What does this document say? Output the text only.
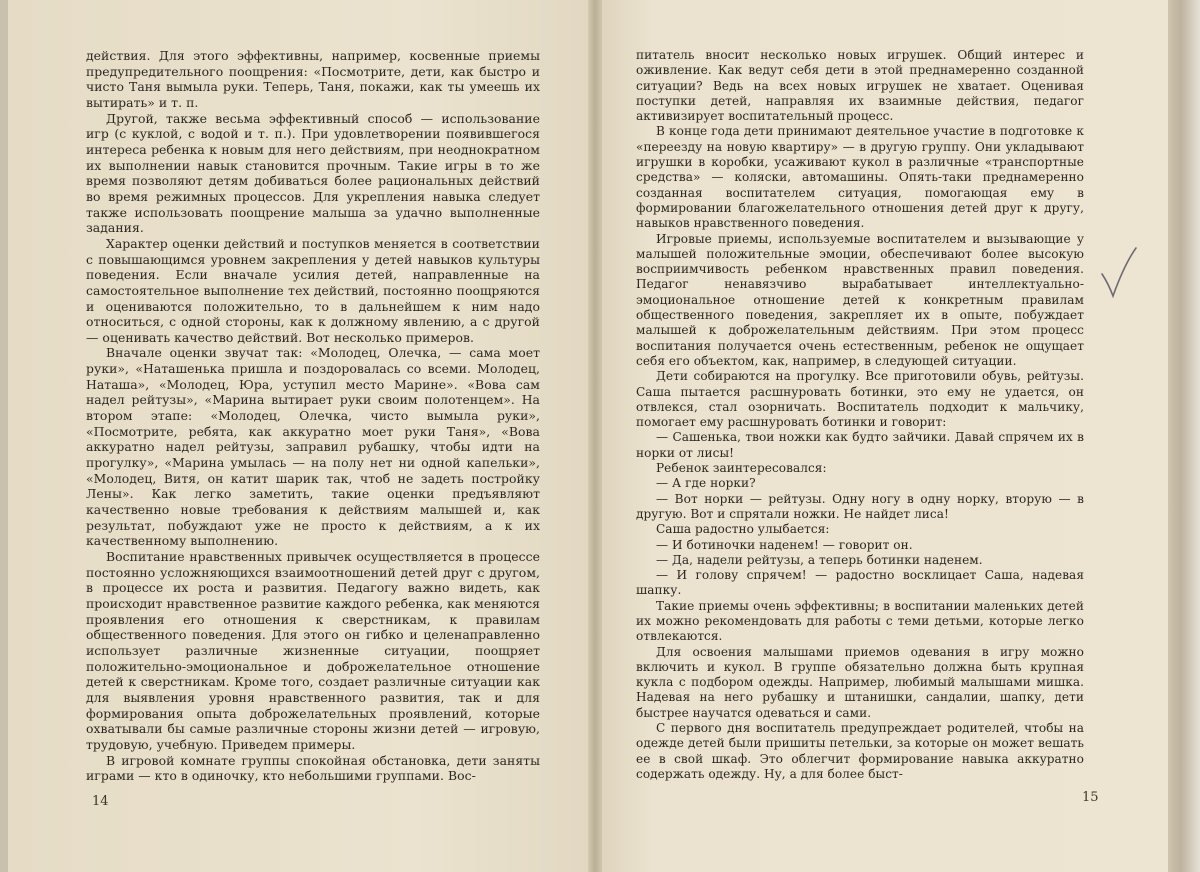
действия. Для этого эффективны, например, косвенные приемы предупредительного поощрения: «Посмотрите, дети, как быстро и чисто Таня вымыла руки. Теперь, Таня, покажи, как ты умеешь их вытирать» и т. п.

Другой, также весьма эффективный способ — использование игр (с куклой, с водой и т. п.). При удовлетворении появившегося интереса ребенка к новым для него действиям, при неоднократном их выполнении навык становится прочным. Такие игры в то же время позволяют детям добиваться более рациональных действий во время режимных процессов. Для укрепления навыка следует также использовать поощрение малыша за удачно выполненные задания.

Характер оценки действий и поступков меняется в соответствии с повышающимся уровнем закрепления у детей навыков культуры поведения. Если вначале усилия детей, направленные на самостоятельное выполнение тех действий, постоянно поощряются и оцениваются положительно, то в дальнейшем к ним надо относиться, с одной стороны, как к должному явлению, а с другой — оценивать качество действий. Вот несколько примеров.

Вначале оценки звучат так: «Молодец, Олечка, — сама моет руки», «Наташенька пришла и поздоровалась со всеми. Молодец, Наташа», «Молодец, Юра, уступил место Марине». «Вова сам надел рейтузы», «Марина вытирает руки своим полотенцем». На втором этапе: «Молодец, Олечка, чисто вымыла руки», «Посмотрите, ребята, как аккуратно моет руки Таня», «Вова аккуратно надел рейтузы, заправил рубашку, чтобы идти на прогулку», «Марина умылась — на полу нет ни одной капельки», «Молодец, Витя, он катит шарик так, чтоб не задеть постройку Лены». Как легко заметить, такие оценки предъявляют качественно новые требования к действиям малышей и, как результат, побуждают уже не просто к действиям, а к их качественному выполнению.

Воспитание нравственных привычек осуществляется в процессе постоянно усложняющихся взаимоотношений детей друг с другом, в процессе их роста и развития. Педагогу важно видеть, как происходит нравственное развитие каждого ребенка, как меняются проявления его отношения к сверстникам, к правилам общественного поведения. Для этого он гибко и целенаправленно использует различные жизненные ситуации, поощряет положительно-эмоциональное и доброжелательное отношение детей к сверстникам. Кроме того, создает различные ситуации как для выявления уровня нравственного развития, так и для формирования опыта доброжелательных проявлений, которые охватывали бы самые различные стороны жизни детей — игровую, трудовую, учебную. Приведем примеры.

В игровой комнате группы спокойная обстановка, дети заняты играми — кто в одиночку, кто небольшими группами. Вос-

14

питатель вносит несколько новых игрушек. Общий интерес и оживление. Как ведут себя дети в этой преднамеренно созданной ситуации? Ведь на всех новых игрушек не хватает. Оценивая поступки детей, направляя их взаимные действия, педагог активизирует воспитательный процесс.

В конце года дети принимают деятельное участие в подготовке к «переезду на новую квартиру» — в другую группу. Они укладывают игрушки в коробки, усаживают кукол в различные «транспортные средства» — коляски, автомашины. Опять-таки преднамеренно созданная воспитателем ситуация, помогающая ему в формировании благожелательного отношения детей друг к другу, навыков нравственного поведения.

Игровые приемы, используемые воспитателем и вызывающие у малышей положительные эмоции, обеспечивают более высокую восприимчивость ребенком нравственных правил поведения. Педагог ненавязчиво вырабатывает интеллектуально-эмоциональное отношение детей к конкретным правилам общественного поведения, закрепляет их в опыте, побуждает малышей к доброжелательным действиям. При этом процесс воспитания получается очень естественным, ребенок не ощущает себя его объектом, как, например, в следующей ситуации.

Дети собираются на прогулку. Все приготовили обувь, рейтузы. Саша пытается расшнуровать ботинки, это ему не удается, он отвлекся, стал озорничать. Воспитатель подходит к мальчику, помогает ему расшнуровать ботинки и говорит:

— Сашенька, твои ножки как будто зайчики. Давай спрячем их в норки от лисы!

Ребенок заинтересовался:

— А где норки?

— Вот норки — рейтузы. Одну ногу в одну норку, вторую — в другую. Вот и спрятали ножки. Не найдет лиса!

Саша радостно улыбается:

— И ботиночки наденем! — говорит он.

— Да, надели рейтузы, а теперь ботинки наденем.

— И голову спрячем! — радостно восклицает Саша, надевая шапку.

Такие приемы очень эффективны; в воспитании маленьких детей их можно рекомендовать для работы с теми детьми, которые легко отвлекаются.

Для освоения малышами приемов одевания в игру можно включить и кукол. В группе обязательно должна быть крупная кукла с подбором одежды. Например, любимый малышами мишка. Надевая на него рубашку и штанишки, сандалии, шапку, дети быстрее научатся одеваться и сами.

С первого дня воспитатель предупреждает родителей, чтобы на одежде детей были пришиты петельки, за которые он может вешать ее в свой шкаф. Это облегчит формирование навыка аккуратно содержать одежду. Ну, а для более быст-

15
